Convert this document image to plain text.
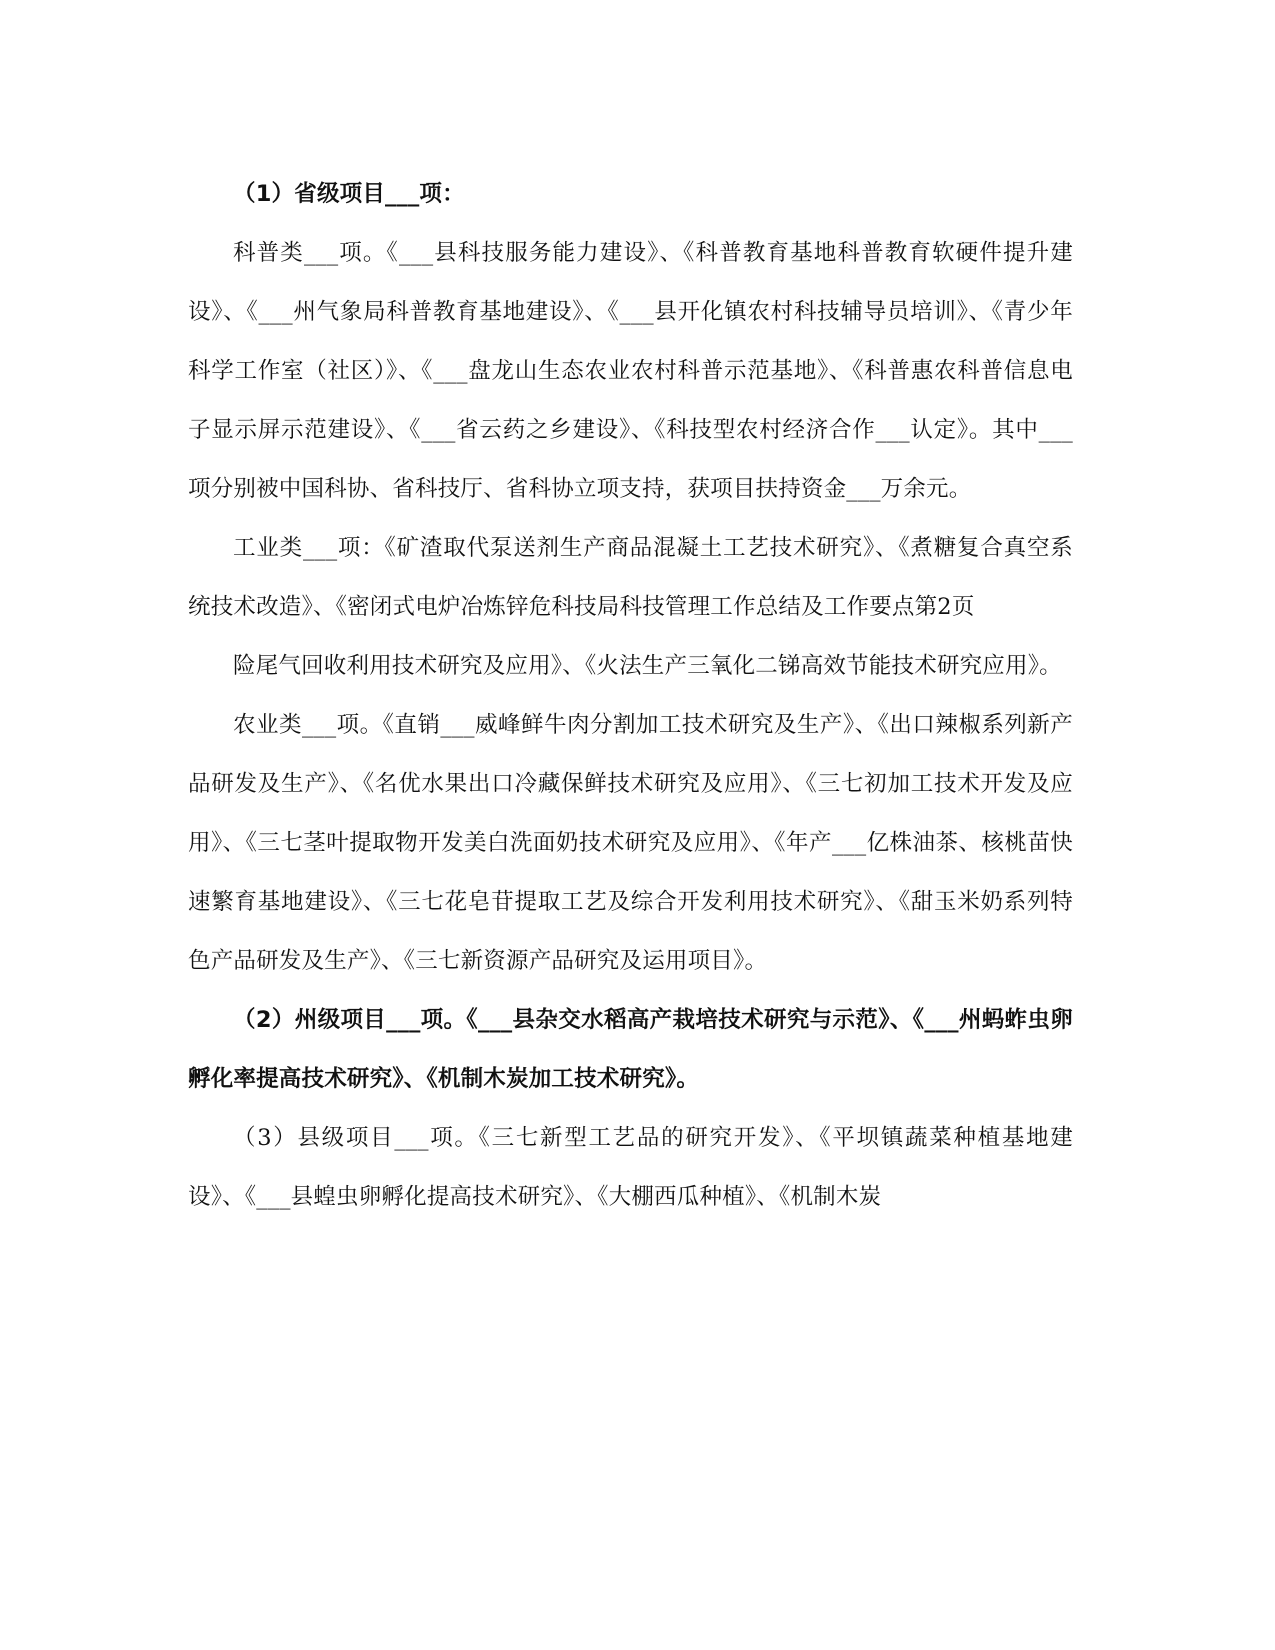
（1）省级项目___项：

科普类___项。《___县科技服务能力建设》、《科普教育基地科普教育软硬件提升建设》、《___州气象局科普教育基地建设》、《___县开化镇农村科技辅导员培训》、《青少年科学工作室（社区）》、《___盘龙山生态农业农村科普示范基地》、《科普惠农科普信息电子显示屏示范建设》、《___省云药之乡建设》、《科技型农村经济合作___认定》。其中___项分别被中国科协、省科技厅、省科协立项支持，获项目扶持资金___万余元。

工业类___项：《矿渣取代泵送剂生产商品混凝土工艺技术研究》、《煮糖复合真空系统技术改造》、《密闭式电炉冶炼锌危科技局科技管理工作总结及工作要点第2页

险尾气回收利用技术研究及应用》、《火法生产三氧化二锑高效节能技术研究应用》。

农业类___项。《直销___威峰鲜牛肉分割加工技术研究及生产》、《出口辣椒系列新产品研发及生产》、《名优水果出口冷藏保鲜技术研究及应用》、《三七初加工技术开发及应用》、《三七茎叶提取物开发美白洗面奶技术研究及应用》、《年产___亿株油茶、核桃苗快速繁育基地建设》、《三七花皂苷提取工艺及综合开发利用技术研究》、《甜玉米奶系列特色产品研发及生产》、《三七新资源产品研究及运用项目》。

（2）州级项目___项。《___县杂交水稻高产栽培技术研究与示范》、《___州蚂蚱虫卵孵化率提高技术研究》、《机制木炭加工技术研究》。

（3）县级项目___项。《三七新型工艺品的研究开发》、《平坝镇蔬菜种植基地建设》、《___县蝗虫卵孵化提高技术研究》、《大棚西瓜种植》、《机制木炭
